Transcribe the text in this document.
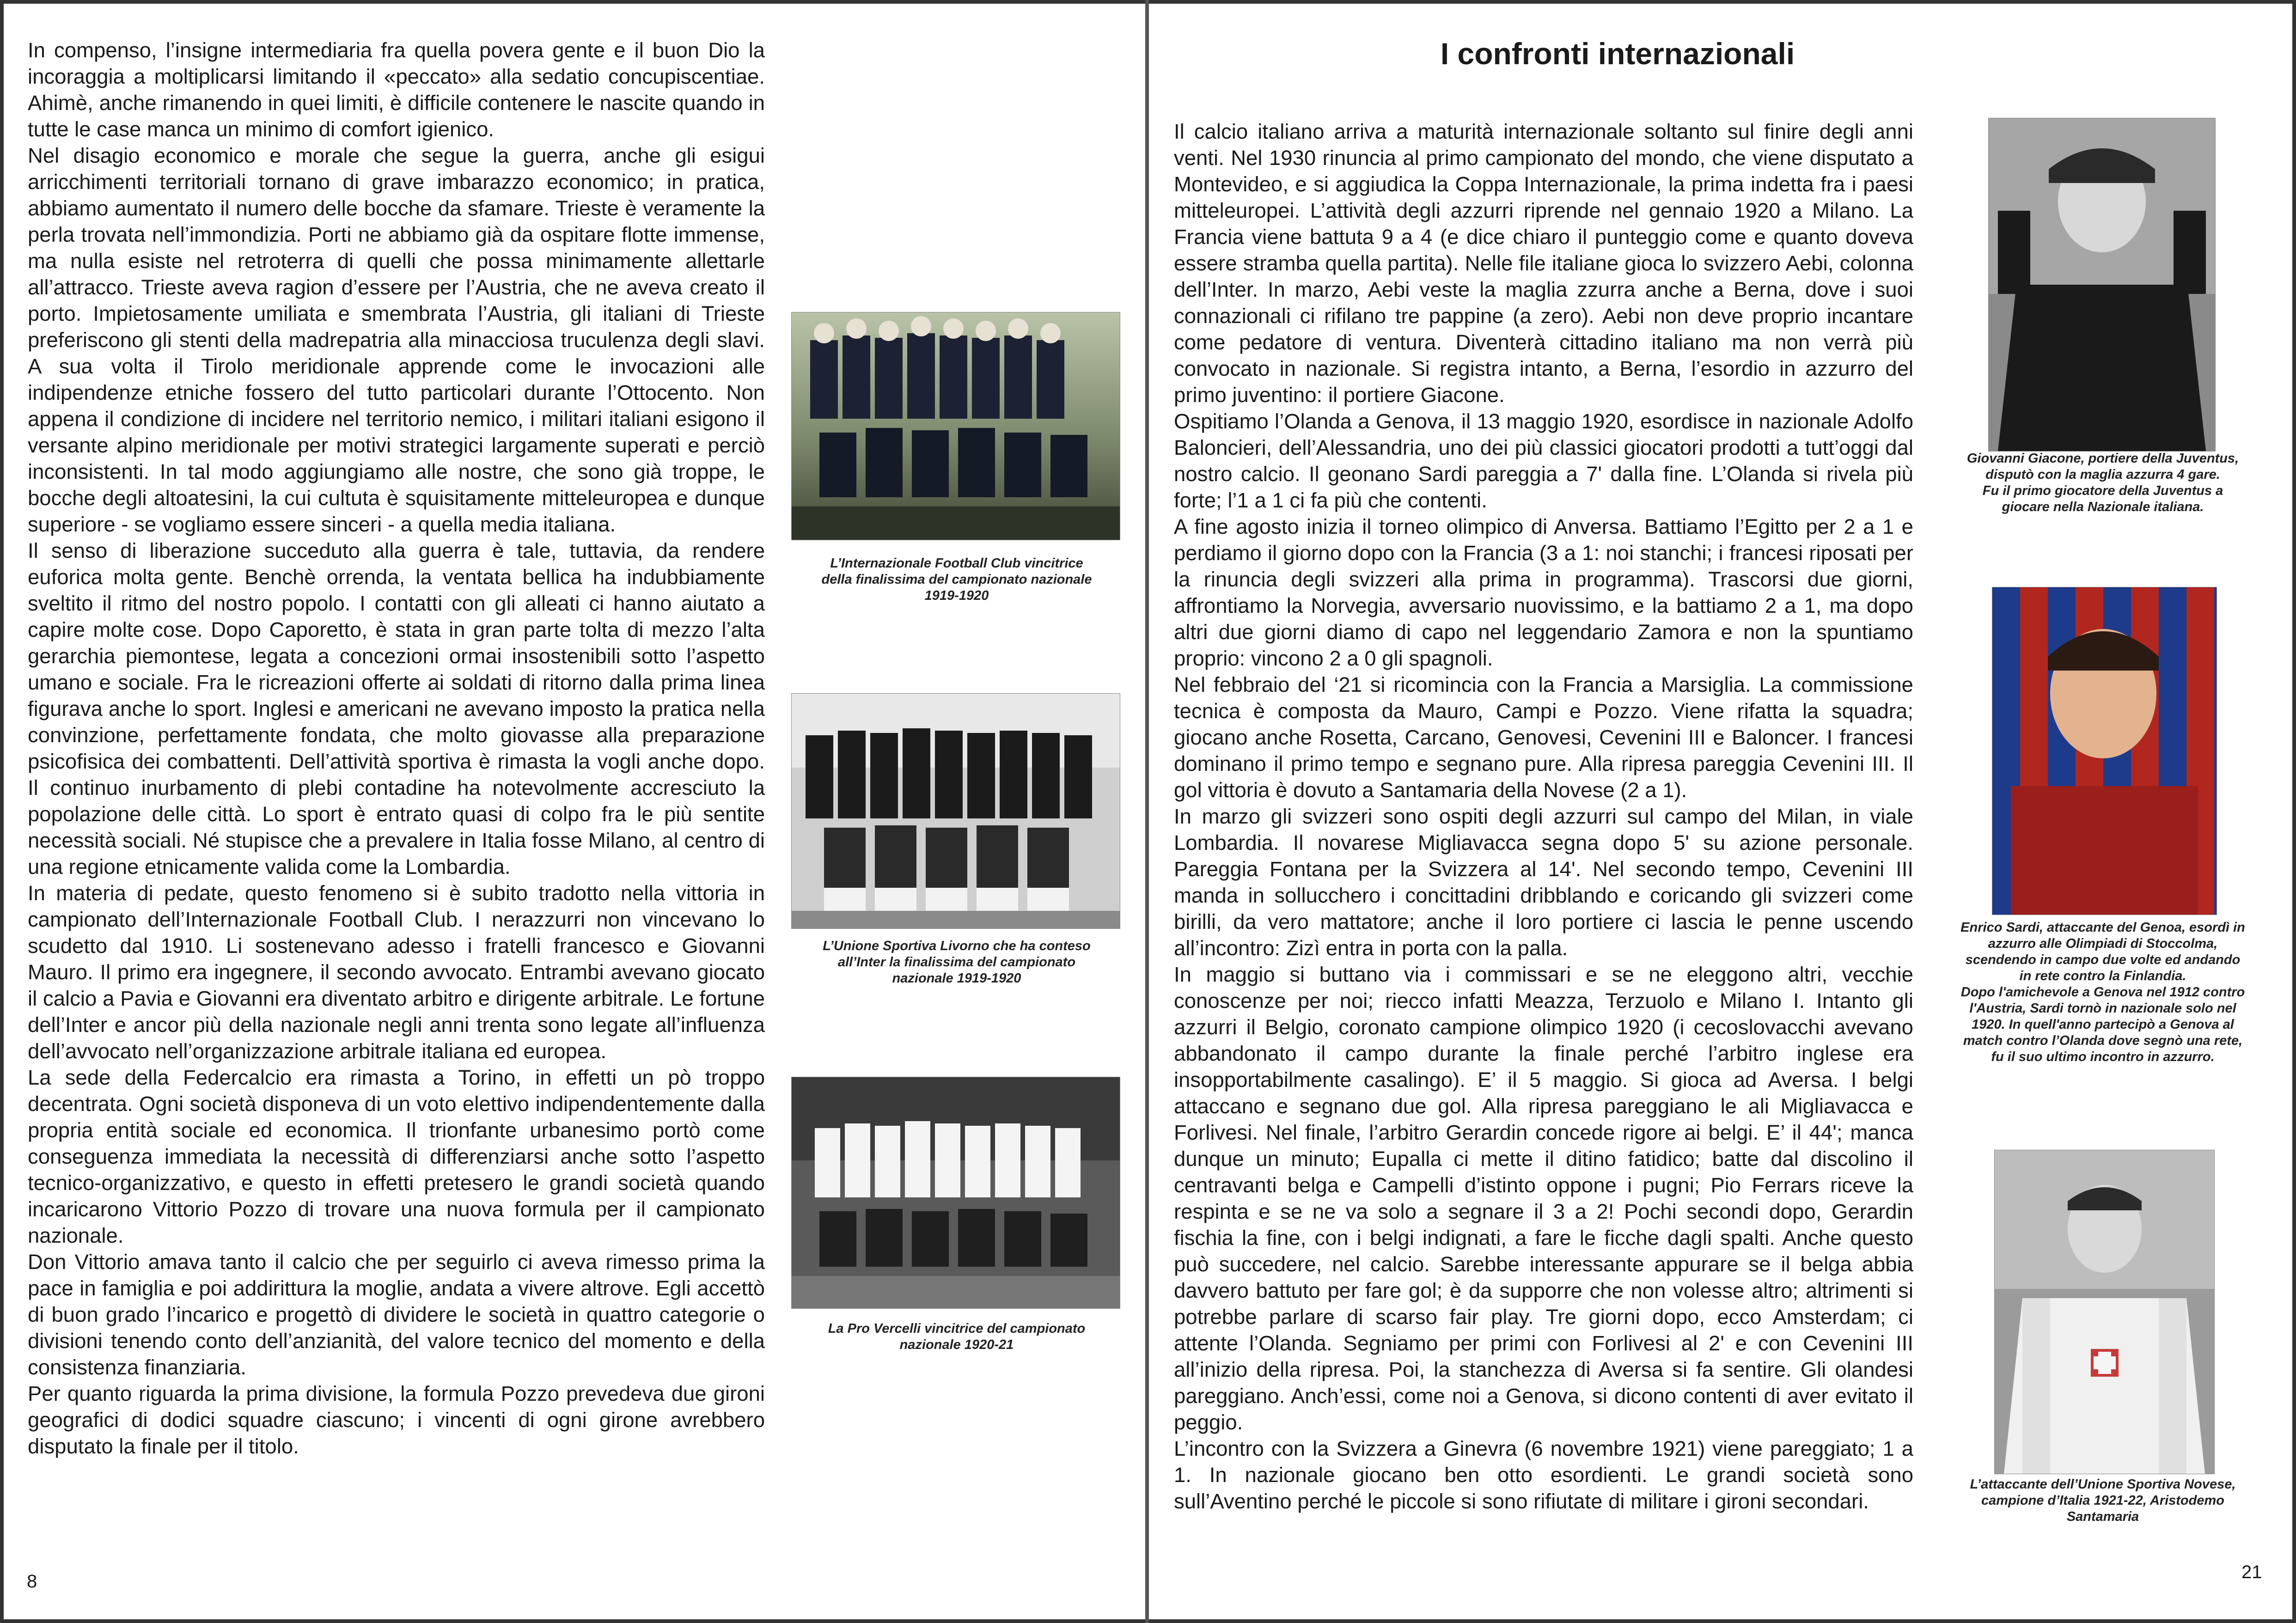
In compenso, l’insigne intermediaria fra quella povera gente e il buon Dio la incoraggia a moltiplicarsi limitando il «peccato» alla sedatio concupiscentiae. Ahimè, anche rimanendo in quei limiti, è difficile contenere le nascite quando in tutte le case manca un minimo di comfort igienico.

Nel disagio economico e morale che segue la guerra, anche gli esigui arricchimenti territoriali tornano di grave imbarazzo economico; in pratica, abbiamo aumentato il numero delle bocche da sfamare. Trieste è veramente la perla trovata nell’immondizia. Porti ne abbiamo già da ospitare flotte immense, ma nulla esiste nel retroterra di quelli che possa minimamente allettarle all’attracco. Trieste aveva ragion d’essere per l’Austria, che ne aveva creato il porto. Impietosamente umiliata e smembrata l’Austria, gli italiani di Trieste preferiscono gli stenti della madrepatria alla minacciosa truculenza degli slavi. A sua volta il Tirolo meridionale apprende come le invocazioni alle indipendenze etniche fossero del tutto particolari durante l’Ottocento. Non appena il condizione di incidere nel territorio nemico, i militari italiani esigono il versante alpino meridionale per motivi strategici largamente superati e perciò inconsistenti. In tal modo aggiungiamo alle nostre, che sono già troppe, le bocche degli altoatesini, la cui cultuta è squisitamente mitteleuropea e dunque superiore - se vogliamo essere sinceri - a quella media italiana.

Il senso di liberazione succeduto alla guerra è tale, tuttavia, da rendere euforica molta gente. Benchè orrenda, la ventata bellica ha indubbiamente sveltito il ritmo del nostro popolo. I contatti con gli alleati ci hanno aiutato a capire molte cose. Dopo Caporetto, è stata in gran parte tolta di mezzo l’alta gerarchia piemontese, legata a concezioni ormai insostenibili sotto l’aspetto umano e sociale. Fra le ricreazioni offerte ai soldati di ritorno dalla prima linea figurava anche lo sport. Inglesi e americani ne avevano imposto la pratica nella convinzione, perfettamente fondata, che molto giovasse alla preparazione psicofisica dei combattenti. Dell’attività sportiva è rimasta la vogli anche dopo. Il continuo inurbamento di plebi contadine ha notevolmente accresciuto la popolazione delle città. Lo sport è entrato quasi di colpo fra le più sentite necessità sociali. Né stupisce che a prevalere in Italia fosse Milano, al centro di una regione etnicamente valida come la Lombardia.

In materia di pedate, questo fenomeno si è subito tradotto nella vittoria in campionato dell’Internazionale Football Club. I nerazzurri non vincevano lo scudetto dal 1910. Li sostenevano adesso i fratelli francesco e Giovanni Mauro. Il primo era ingegnere, il secondo avvocato. Entrambi avevano giocato il calcio a Pavia e Giovanni era diventato arbitro e dirigente arbitrale. Le fortune dell’Inter e ancor più della nazionale negli anni trenta sono legate all’influenza dell’avvocato nell’organizzazione arbitrale italiana ed europea.

La sede della Federcalcio era rimasta a Torino, in effetti un pò troppo decentrata. Ogni società disponeva di un voto elettivo indipendentemente dalla propria entità sociale ed economica. Il trionfante urbanesimo portò come conseguenza immediata la necessità di differenziarsi anche sotto l’aspetto tecnico-organizzativo, e questo in effetti pretesero le grandi società quando incaricarono Vittorio Pozzo di trovare una nuova formula per il campionato nazionale.

Don Vittorio amava tanto il calcio che per seguirlo ci aveva rimesso prima la pace in famiglia e poi addirittura la moglie, andata a vivere altrove. Egli accettò di buon grado l’incarico e progettò di dividere le società in quattro categorie o divisioni tenendo conto dell’anzianità, del valore tecnico del momento e della consistenza finanziaria.

Per quanto riguarda la prima divisione, la formula Pozzo prevedeva due gironi geografici di dodici squadre ciascuno; i vincenti di ogni girone avrebbero disputato la finale per il titolo.

L’Internazionale Football Club vincitrice

della finalissima del campionato nazionale

1919-1920

L’Unione Sportiva Livorno che ha conteso

all’Inter la finalissima del campionato

nazionale 1919-1920

La Pro Vercelli vincitrice del campionato

nazionale 1920-21

8
I confronti internazionali

Il calcio italiano arriva a maturità internazionale soltanto sul finire degli anni venti. Nel 1930 rinuncia al primo campionato del mondo, che viene disputato a Montevideo, e si aggiudica la Coppa Internazionale, la prima indetta fra i paesi mitteleuropei. L’attività degli azzurri riprende nel gennaio 1920 a Milano. La Francia viene battuta 9 a 4 (e dice chiaro il punteggio come e quanto doveva essere stramba quella partita). Nelle file italiane gioca lo svizzero Aebi, colonna dell’Inter. In marzo, Aebi veste la maglia zzurra anche a Berna, dove i suoi connazionali ci rifilano tre pappine (a zero). Aebi non deve proprio incantare come pedatore di ventura. Diventerà cittadino italiano ma non verrà più convocato in nazionale. Si registra intanto, a Berna, l’esordio in azzurro del primo juventino: il portiere Giacone.

Ospitiamo l’Olanda a Genova, il 13 maggio 1920, esordisce in nazionale Adolfo Baloncieri, dell’Alessandria, uno dei più classici giocatori prodotti a tutt’oggi dal nostro calcio. Il geonano Sardi pareggia a 7' dalla fine. L’Olanda si rivela più forte; l’1 a 1 ci fa più che contenti.

A fine agosto inizia il torneo olimpico di Anversa. Battiamo l’Egitto per 2 a 1 e perdiamo il giorno dopo con la Francia (3 a 1: noi stanchi; i francesi riposati per la rinuncia degli svizzeri alla prima in programma). Trascorsi due giorni, affrontiamo la Norvegia, avversario nuovissimo, e la battiamo 2 a 1, ma dopo altri due giorni diamo di capo nel leggendario Zamora e non la spuntiamo proprio: vincono 2 a 0 gli spagnoli.

Nel febbraio del ‘21 si ricomincia con la Francia a Marsiglia. La commissione tecnica è composta da Mauro, Campi e Pozzo. Viene rifatta la squadra; giocano anche Rosetta, Carcano, Genovesi, Cevenini III e Baloncer. I francesi dominano il primo tempo e segnano pure. Alla ripresa pareggia Cevenini III. Il gol vittoria è dovuto a Santamaria della Novese (2 a 1).

In marzo gli svizzeri sono ospiti degli azzurri sul campo del Milan, in viale Lombardia. Il novarese Migliavacca segna dopo 5' su azione personale. Pareggia Fontana per la Svizzera al 14'. Nel secondo tempo, Cevenini III manda in sollucchero i concittadini dribblando e coricando gli svizzeri come birilli, da vero mattatore; anche il loro portiere ci lascia le penne uscendo all’incontro: Zizì entra in porta con la palla.

In maggio si buttano via i commissari e se ne eleggono altri, vecchie conoscenze per noi; riecco infatti Meazza, Terzuolo e Milano I. Intanto gli azzurri il Belgio, coronato campione olimpico 1920 (i cecoslovacchi avevano abbandonato il campo durante la finale perché l’arbitro inglese era insopportabilmente casalingo). E’ il 5 maggio. Si gioca ad Aversa. I belgi attaccano e segnano due gol. Alla ripresa pareggiano le ali Migliavacca e Forlivesi. Nel finale, l’arbitro Gerardin concede rigore ai belgi. E’ il 44'; manca dunque un minuto; Eupalla ci mette il ditino fatidico; batte dal discolino il centravanti belga e Campelli d’istinto oppone i pugni; Pio Ferrars riceve la respinta e se ne va solo a segnare il 3 a 2! Pochi secondi dopo, Gerardin fischia la fine, con i belgi indignati, a fare le ficche dagli spalti. Anche questo può succedere, nel calcio. Sarebbe interessante appurare se il belga abbia davvero battuto per fare gol; è da supporre che non volesse altro; altrimenti si potrebbe parlare di scarso fair play. Tre giorni dopo, ecco Amsterdam; ci attente l’Olanda. Segniamo per primi con Forlivesi al 2' e con Cevenini III all’inizio della ripresa. Poi, la stanchezza di Aversa si fa sentire. Gli olandesi pareggiano. Anch’essi, come noi a Genova, si dicono contenti di aver evitato il peggio.

L’incontro con la Svizzera a Ginevra (6 novembre 1921) viene pareggiato; 1 a 1. In nazionale giocano ben otto esordienti. Le grandi società sono sull’Aventino perché le piccole si sono rifiutate di militare i gironi secondari.

Giovanni Giacone, portiere della Juventus,

disputò con la maglia azzurra 4 gare.

Fu il primo giocatore della Juventus a

giocare nella Nazionale italiana.

Enrico Sardi, attaccante del Genoa, esordì in

azzurro alle Olimpiadi di Stoccolma,

scendendo in campo due volte ed andando

in rete contro la Finlandia.

Dopo l'amichevole a Genova nel 1912 contro

l'Austria, Sardi tornò in nazionale solo nel

1920. In quell'anno partecipò a Genova al

match contro l’Olanda dove segnò una rete,

fu il suo ultimo incontro in azzurro.

L’attaccante dell’Unione Sportiva Novese,

campione d’Italia 1921-22, Aristodemo

Santamaria

21
